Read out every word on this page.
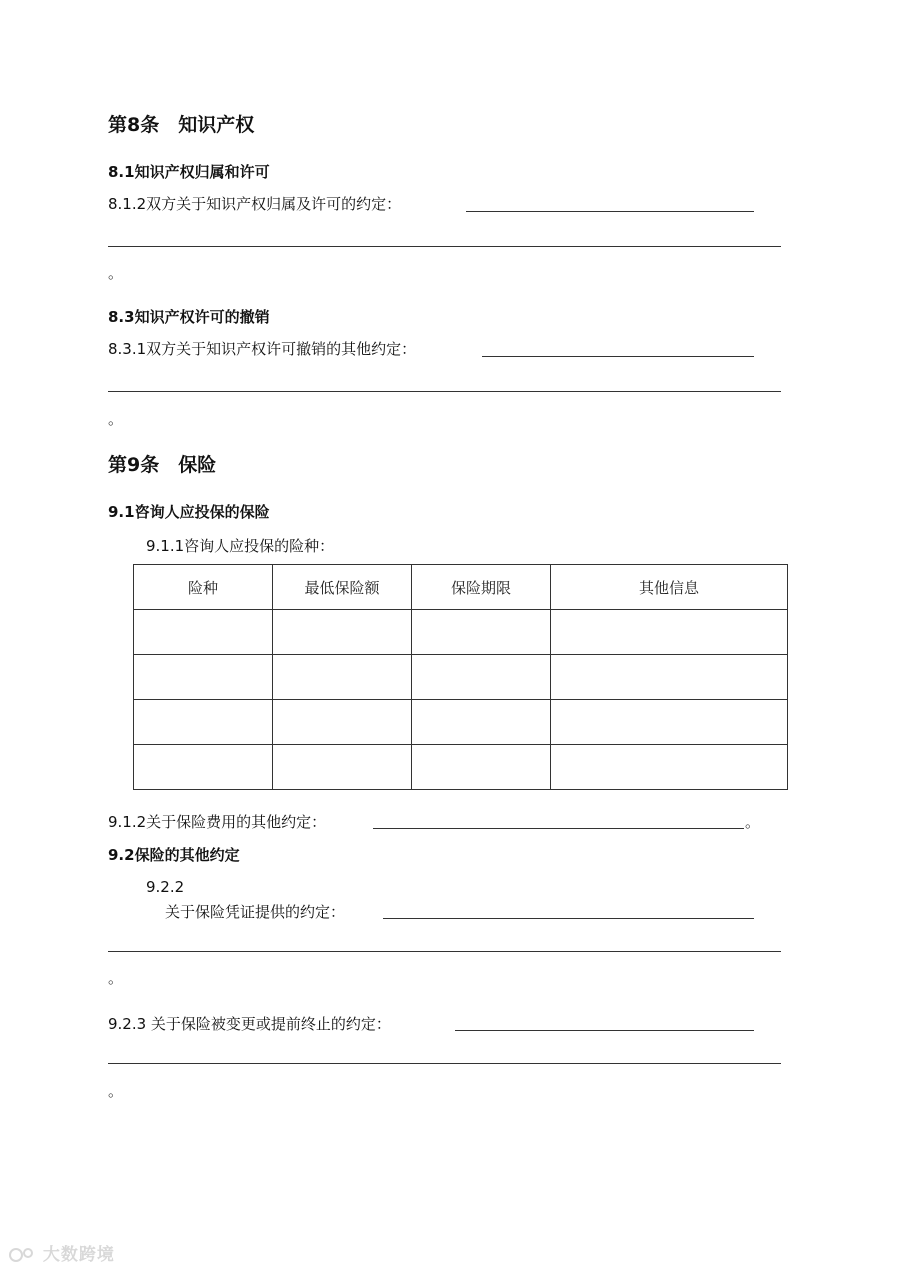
第8条　知识产权
8.1知识产权归属和许可
8.1.2双方关于知识产权归属及许可的约定：
。
8.3知识产权许可的撤销
8.3.1双方关于知识产权许可撤销的其他约定：
。
第9条　保险
9.1咨询人应投保的保险
9.1.1咨询人应投保的险种：
险种	最低保险额	保险期限	其他信息

9.1.2关于保险费用的其他约定：	。
9.2保险的其他约定
9.2.2
关于保险凭证提供的约定：
。
9.2.3 关于保险被变更或提前终止的约定：
。
大数跨境
